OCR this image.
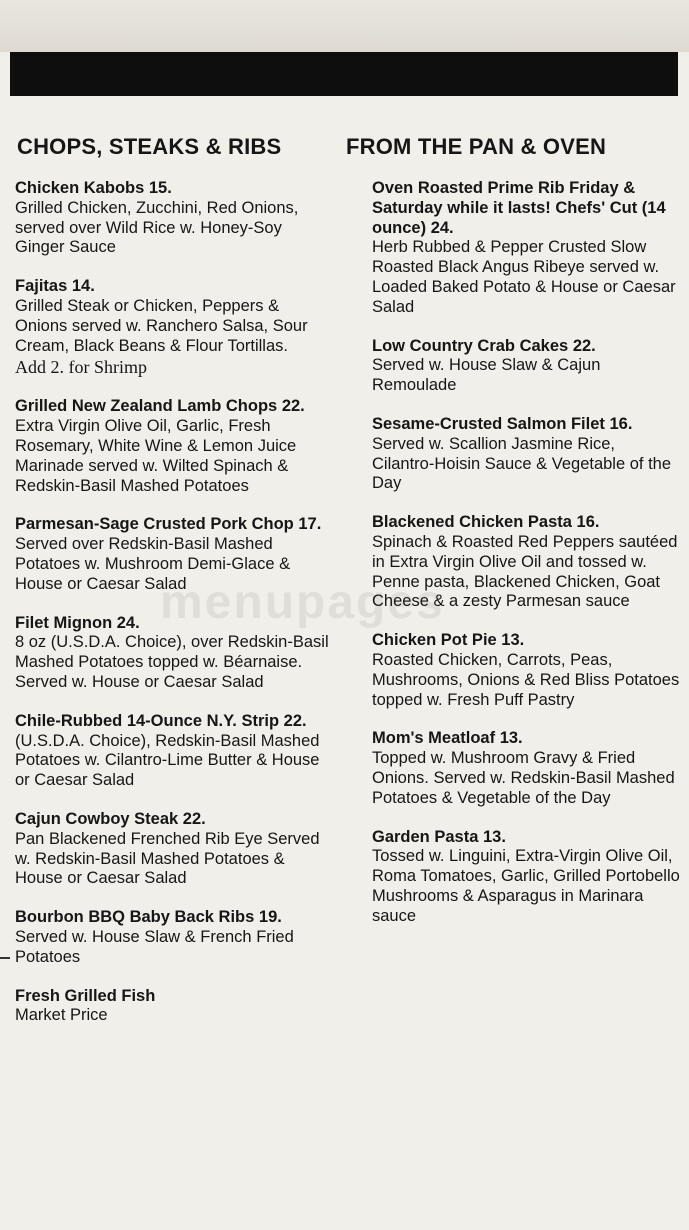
CHOPS, STEAKS & RIBS
Chicken Kabobs 15.
Grilled Chicken, Zucchini, Red Onions, served over Wild Rice w. Honey-Soy Ginger Sauce
Fajitas 14.
Grilled Steak or Chicken, Peppers & Onions served w. Ranchero Salsa, Sour Cream, Black Beans & Flour Tortillas.
Add 2. for Shrimp
Grilled New Zealand Lamb Chops 22.
Extra Virgin Olive Oil, Garlic, Fresh Rosemary, White Wine & Lemon Juice Marinade served w. Wilted Spinach & Redskin-Basil Mashed Potatoes
Parmesan-Sage Crusted Pork Chop 17.
Served over Redskin-Basil Mashed Potatoes w. Mushroom Demi-Glace & House or Caesar Salad
Filet Mignon 24.
8 oz (U.S.D.A. Choice), over Redskin-Basil Mashed Potatoes topped w. Béarnaise. Served w. House or Caesar Salad
Chile-Rubbed 14-Ounce N.Y. Strip 22.
(U.S.D.A. Choice), Redskin-Basil Mashed Potatoes w. Cilantro-Lime Butter & House or Caesar Salad
Cajun Cowboy Steak 22.
Pan Blackened Frenched Rib Eye Served w. Redskin-Basil Mashed Potatoes & House or Caesar Salad
Bourbon BBQ Baby Back Ribs 19.
Served w. House Slaw & French Fried Potatoes
Fresh Grilled Fish
Market Price
FROM THE PAN & OVEN
Oven Roasted Prime Rib Friday & Saturday while it lasts! Chefs' Cut (14 ounce) 24.
Herb Rubbed & Pepper Crusted Slow Roasted Black Angus Ribeye served w. Loaded Baked Potato & House or Caesar Salad
Low Country Crab Cakes 22.
Served w. House Slaw & Cajun Remoulade
Sesame-Crusted Salmon Filet 16.
Served w. Scallion Jasmine Rice, Cilantro-Hoisin Sauce & Vegetable of the Day
Blackened Chicken Pasta 16.
Spinach & Roasted Red Peppers sautéed in Extra Virgin Olive Oil and tossed w. Penne pasta, Blackened Chicken, Goat Cheese & a zesty Parmesan sauce
Chicken Pot Pie 13.
Roasted Chicken, Carrots, Peas, Mushrooms, Onions & Red Bliss Potatoes topped w. Fresh Puff Pastry
Mom's Meatloaf 13.
Topped w. Mushroom Gravy & Fried Onions. Served w. Redskin-Basil Mashed Potatoes & Vegetable of the Day
Garden Pasta 13.
Tossed w. Linguini, Extra-Virgin Olive Oil, Roma Tomatoes, Garlic, Grilled Portobello Mushrooms & Asparagus in Marinara sauce
menupages
